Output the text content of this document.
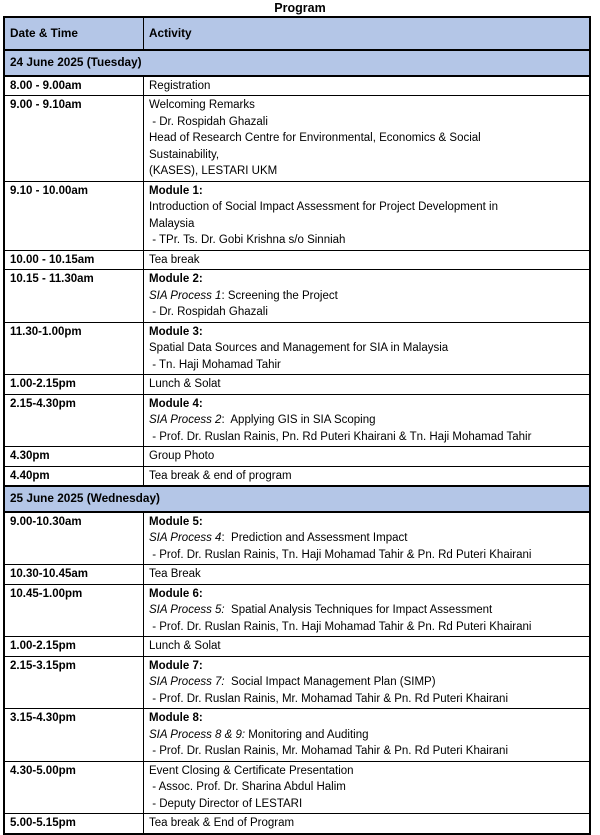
Program
Date & Time	Activity
24 June 2025 (Tuesday)	
8.00 - 9.00am	Registration

9.00 - 9.10am	Welcoming Remarks
- Dr. Rospidah Ghazali
Head of Research Centre for Environmental, Economics & Social
Sustainability,
(KASES), LESTARI UKM

9.10 - 10.00am	Module 1:
Introduction of Social Impact Assessment for Project Development in
Malaysia
- TPr. Ts. Dr. Gobi Krishna s/o Sinniah

10.00 - 10.15am	Tea break

10.15 - 11.30am	Module 2:
SIA Process 1: Screening the Project
- Dr. Rospidah Ghazali

11.30-1.00pm	Module 3:
Spatial Data Sources and Management for SIA in Malaysia
- Tn. Haji Mohamad Tahir

1.00-2.15pm	Lunch & Solat

2.15-4.30pm	Module 4:
SIA Process 2:  Applying GIS in SIA Scoping
- Prof. Dr. Ruslan Rainis, Pn. Rd Puteri Khairani & Tn. Haji Mohamad Tahir

4.30pm	Group Photo

4.40pm	Tea break & end of program

25 June 2025 (Wednesday)	
9.00-10.30am	Module 5:
SIA Process 4:  Prediction and Assessment Impact
- Prof. Dr. Ruslan Rainis, Tn. Haji Mohamad Tahir & Pn. Rd Puteri Khairani

10.30-10.45am	Tea Break

10.45-1.00pm	Module 6:
SIA Process 5:  Spatial Analysis Techniques for Impact Assessment
- Prof. Dr. Ruslan Rainis, Tn. Haji Mohamad Tahir & Pn. Rd Puteri Khairani

1.00-2.15pm	Lunch & Solat

2.15-3.15pm	Module 7:
SIA Process 7:  Social Impact Management Plan (SIMP)
- Prof. Dr. Ruslan Rainis, Mr. Mohamad Tahir & Pn. Rd Puteri Khairani

3.15-4.30pm	Module 8:
SIA Process 8 & 9: Monitoring and Auditing
- Prof. Dr. Ruslan Rainis, Mr. Mohamad Tahir & Pn. Rd Puteri Khairani

4.30-5.00pm	Event Closing & Certificate Presentation
- Assoc. Prof. Dr. Sharina Abdul Halim
- Deputy Director of LESTARI

5.00-5.15pm	Tea break & End of Program
